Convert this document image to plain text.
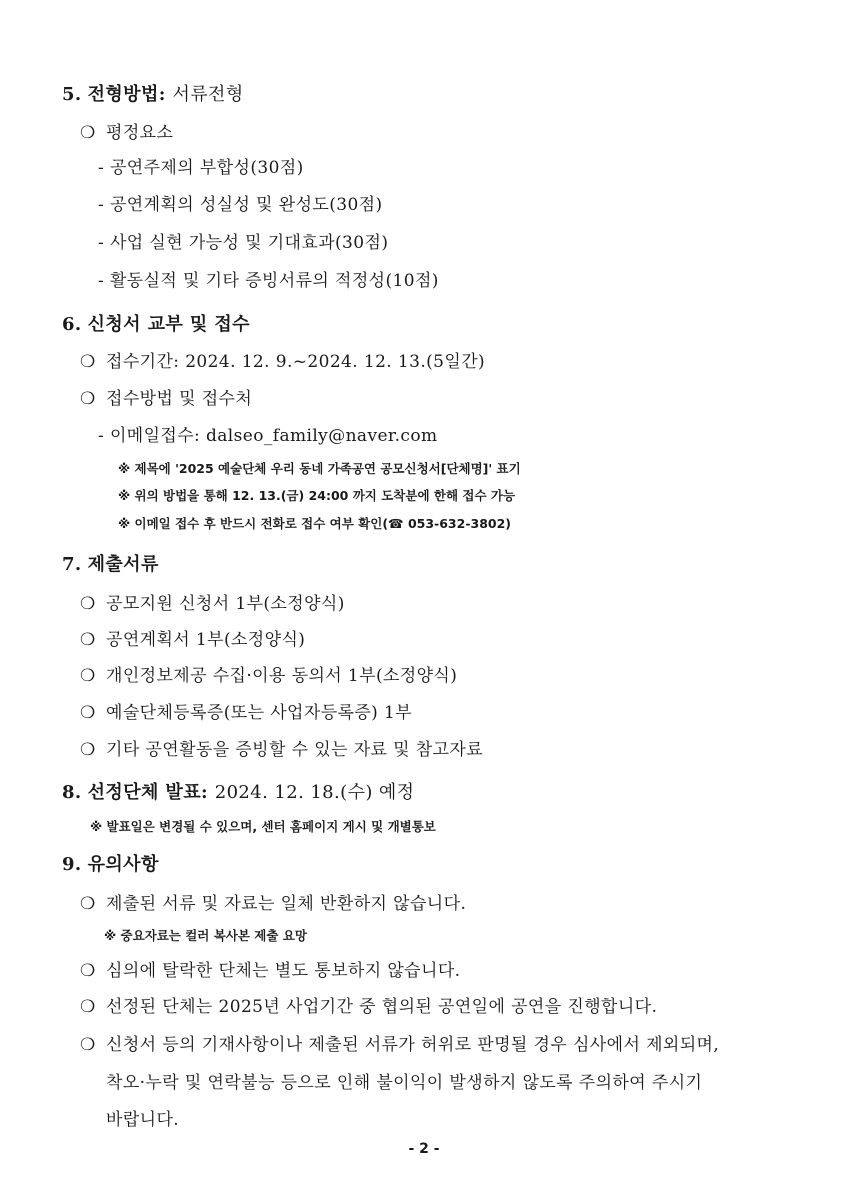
5. 전형방법: 서류전형
❍ 평정요소
- 공연주제의 부합성(30점)
- 공연계획의 성실성 및 완성도(30점)
- 사업 실현 가능성 및 기대효과(30점)
- 활동실적 및 기타 증빙서류의 적정성(10점)
6. 신청서 교부 및 접수
❍ 접수기간: 2024. 12. 9.~2024. 12. 13.(5일간)
❍ 접수방법 및 접수처
- 이메일접수: dalseo_family@naver.com
※ 제목에 '2025 예술단체 우리 동네 가족공연 공모신청서[단체명]' 표기
※ 위의 방법을 통해 12. 13.(금) 24:00 까지 도착분에 한해 접수 가능
※ 이메일 접수 후 반드시 전화로 접수 여부 확인(☎ 053-632-3802)
7. 제출서류
❍ 공모지원 신청서 1부(소정양식)
❍ 공연계획서 1부(소정양식)
❍ 개인정보제공 수집·이용 동의서 1부(소정양식)
❍ 예술단체등록증(또는 사업자등록증) 1부
❍ 기타 공연활동을 증빙할 수 있는 자료 및 참고자료
8. 선정단체 발표: 2024. 12. 18.(수) 예정
※ 발표일은 변경될 수 있으며, 센터 홈페이지 게시 및 개별통보
9. 유의사항
❍ 제출된 서류 및 자료는 일체 반환하지 않습니다.
※ 중요자료는 컬러 복사본 제출 요망
❍ 심의에 탈락한 단체는 별도 통보하지 않습니다.
❍ 선정된 단체는 2025년 사업기간 중 협의된 공연일에 공연을 진행합니다.
❍ 신청서 등의 기재사항이나 제출된 서류가 허위로 판명될 경우 심사에서 제외되며,
착오·누락 및 연락불능 등으로 인해 불이익이 발생하지 않도록 주의하여 주시기
바랍니다.
- 2 -
